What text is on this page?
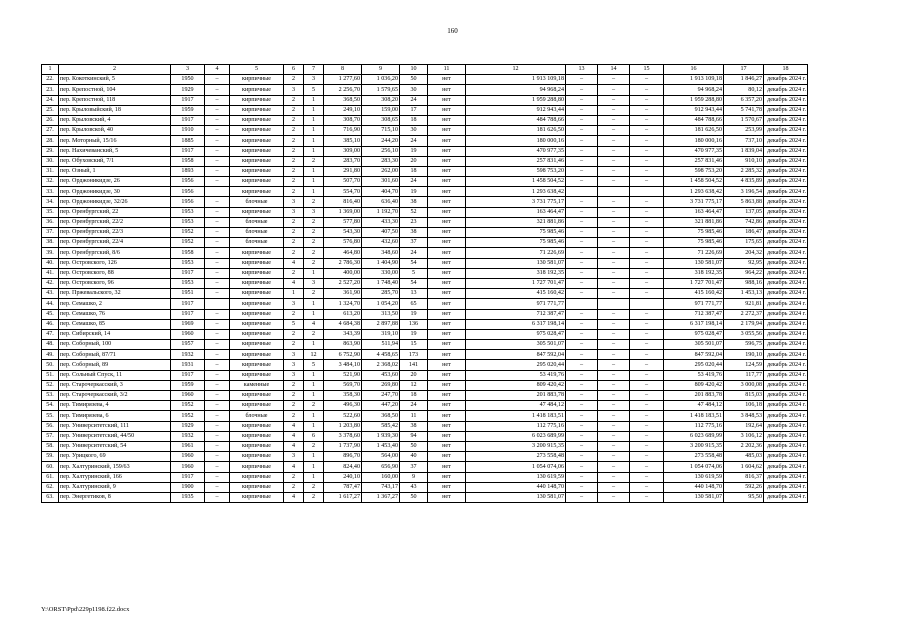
160
1	2	3	4	5	6	7	8	9	10	11	12	13	14	15	16	17	18
22.	пер. Кокоткинский, 5	1950	–	кирпичные	2	3	1 277,60	1 036,20	50	нет	1 913 109,18	–	–	–	1 913 109,18	1 846,27	декабрь 2024 г.
23.	пер. Крепостной, 104	1929	–	кирпичные	3	5	2 256,70	1 579,65	30	нет	94 968,24	–	–	–	94 968,24	80,12	декабрь 2024 г.
24.	пер. Крепостной, 118	1917	–	кирпичные	2	1	368,50	308,20	24	нет	1 959 288,80	–	–	–	1 959 288,80	6 357,20	декабрь 2024 г.
25.	пер. Крыловыйский, 18	1959	–	кирпичные	2	1	249,10	159,00	17	нет	912 943,44	–	–	–	912 943,44	5 741,78	декабрь 2024 г.
26.	пер. Крыловский, 4	1917	–	кирпичные	2	1	308,70	308,65	18	нет	484 788,66	–	–	–	484 788,66	1 570,67	декабрь 2024 г.
27.	пер. Крыловской, 40	1910	–	кирпичные	2	1	716,90	715,10	30	нет	181 626,50	–	–	–	181 626,50	253,99	декабрь 2024 г.
28.	пер. Моторный, 15/16	1885	–	кирпичные	2	1	385,10	244,20	24	нет	180 000,16	–	–	–	180 000,16	737,10	декабрь 2024 г.
29.	пер. Нахичеванский, 5	1917	–	кирпичные	2	1	309,00	256,10	19	нет	470 977,35	–	–	–	470 977,35	1 839,04	декабрь 2024 г.
30.	пер. Обуховский, 7/1	1958	–	кирпичные	2	2	283,70	283,30	20	нет	257 831,46	–	–	–	257 831,46	910,10	декабрь 2024 г.
31.	пер. Озный, 1	1893	–	кирпичные	2	1	291,80	262,00	18	нет	598 753,20	–	–	–	598 753,20	2 285,32	декабрь 2024 г.
32.	пер. Орджоникидзе, 26	1956	–	кирпичные	2	1	507,70	301,60	24	нет	1 458 504,52	–	–	–	1 458 504,52	4 835,89	декабрь 2024 г.
33.	пер. Орджоникидзе, 30	1956		кирпичные	2	1	554,70	404,70	19	нет	1 293 638,42				1 293 638,42	3 196,54	декабрь 2024 г.
34.	пер. Орджоникидзе, 32/26	1956	–	блочные	3	2	816,40	636,40	38	нет	3 731 775,17	–	–	–	3 731 775,17	5 863,88	декабрь 2024 г.
35.	пер. Оренбургский, 22	1953	–	кирпичные	3	3	1 369,00	1 192,70	52	нет	163 464,47	–	–	–	163 464,47	137,05	декабрь 2024 г.
36.	пер. Оренбургский, 22/2	1953	–	блочные	2	2	577,80	433,30	23	нет	321 881,86	–	–	–	321 881,86	742,86	декабрь 2024 г.
37.	пер. Оренбургский, 22/3	1952	–	блочные	2	2	543,30	407,50	38	нет	75 985,46	–	–	–	75 985,46	186,47	декабрь 2024 г.
38.	пер. Оренбургский, 22/4	1952	–	блочные	2	2	576,80	432,60	37	нет	75 985,46	–	–	–	75 985,46	175,65	декабрь 2024 г.
39.	пер. Оренбургский, 8/6	1958	–	кирпичные	2	2	464,80	348,60	24	нет	71 226,69	–	–	–	71 226,69	204,32	декабрь 2024 г.
40.	пер. Островского, 126	1953	–	кирпичные	4	2	2 786,30	1 404,90	54	нет	130 581,07	–	–	–	130 581,07	92,95	декабрь 2024 г.
41.	пер. Островского, 88	1917	–	кирпичные	2	1	400,00	330,00	5	нет	318 192,35	–	–	–	318 192,35	964,22	декабрь 2024 г.
42.	пер. Островского, 96	1953	–	кирпичные	4	3	2 527,20	1 748,40	54	нет	1 727 701,47	–	–	–	1 727 701,47	988,16	декабрь 2024 г.
43.	пер. Пржевальского, 32	1951	–	кирпичные	1	2	361,90	285,70	13	нет	415 160,42	–	–	–	415 160,42	1 453,13	декабрь 2024 г.
44.	пер. Семашко, 2	1917		кирпичные	3	1	1 324,70	1 054,20	65	нет	971 771,77				971 771,77	921,81	декабрь 2024 г.
45.	пер. Семашко, 76	1917	–	кирпичные	2	1	613,20	313,50	19	нет	712 387,47	–	–	–	712 387,47	2 272,37	декабрь 2024 г.
46.	пер. Семашко, 85	1969	–	кирпичные	5	4	4 684,38	2 897,88	136	нет	6 317 198,14	–	–	–	6 317 198,14	2 179,94	декабрь 2024 г.
47.	пер. Сибирский, 14	1960	–	кирпичные	2	2	343,39	319,10	19	нет	975 028,47	–	–	–	975 028,47	3 055,56	декабрь 2024 г.
48.	пер. Соборный, 100	1957	–	кирпичные	2	1	863,90	511,94	15	нет	305 501,07	–	–	–	305 501,07	596,75	декабрь 2024 г.
49.	пер. Соборный, 87/71	1932	–	кирпичные	3	12	6 752,90	4 458,65	173	нет	847 592,04	–	–	–	847 592,04	190,10	декабрь 2024 г.
50.	пер. Соборный, 89	1931	–	кирпичные	3	5	3 484,10	2 368,02	141	нет	295 020,44	–	–	–	295 020,44	124,59	декабрь 2024 г.
51.	пер. Сольный Спуск, 11	1917	–	кирпичные	3	1	521,90	453,60	20	нет	53 419,76	–	–	–	53 419,76	117,77	декабрь 2024 г.
52.	пер. Старочеркасский, 3	1959	–	каменные	2	1	569,70	269,80	12	нет	809 420,42	–	–	–	809 420,42	3 000,08	декабрь 2024 г.
53.	пер. Старочеркасский, 3/2	1960	–	кирпичные	2	1	358,30	247,70	18	нет	201 883,78	–	–	–	201 883,78	815,03	декабрь 2024 г.
54.	пер. Тимирязева, 4	1952	–	кирпичные	2	2	496,30	447,20	24	нет	47 484,12	–	–	–	47 484,12	106,18	декабрь 2024 г.
55.	пер. Тимирязева, 6	1952	–	блочные	2	1	522,60	368,50	11	нет	1 418 183,51	–	–	–	1 418 183,51	3 848,53	декабрь 2024 г.
56.	пер. Университетский, 111	1929	–	кирпичные	4	1	1 203,80	585,42	38	нет	112 775,16	–	–	–	112 775,16	192,64	декабрь 2024 г.
57.	пер. Университетский, 44/50	1932	–	кирпичные	4	6	3 378,60	1 939,30	94	нет	6 023 689,99	–	–	–	6 023 689,99	3 106,12	декабрь 2024 г.
58.	пер. Университетский, 54	1961	–	кирпичные	4	2	1 737,90	1 453,40	50	нет	3 200 915,35	–	–	–	3 200 915,35	2 202,36	декабрь 2024 г.
59.	пер. Урицкого, 69	1960	–	кирпичные	3	1	896,70	564,00	40	нет	273 558,48	–	–	–	273 558,48	485,03	декабрь 2024 г.
60.	пер. Халтуринский, 159/63	1960	–	кирпичные	4	1	824,40	656,90	37	нет	1 054 074,06	–	–	–	1 054 074,06	1 604,62	декабрь 2024 г.
61.	пер. Халтуринский, 166	1917	–	кирпичные	2	1	240,10	160,00	9	нет	130 619,59	–	–	–	130 619,59	816,37	декабрь 2024 г.
62.	пер. Халтуринский, 9	1900	–	кирпичные	2	2	787,47	743,17	43	нет	440 148,70	–	–	–	440 148,70	592,26	декабрь 2024 г.
63.	пер. Энергетиков, 8	1935	–	кирпичные	4	2	1 617,27	1 367,27	50	нет	130 581,07	–	–	–	130 581,07	95,50	декабрь 2024 г.
Y:\ORST\Ppd\229p1198.f22.docx
